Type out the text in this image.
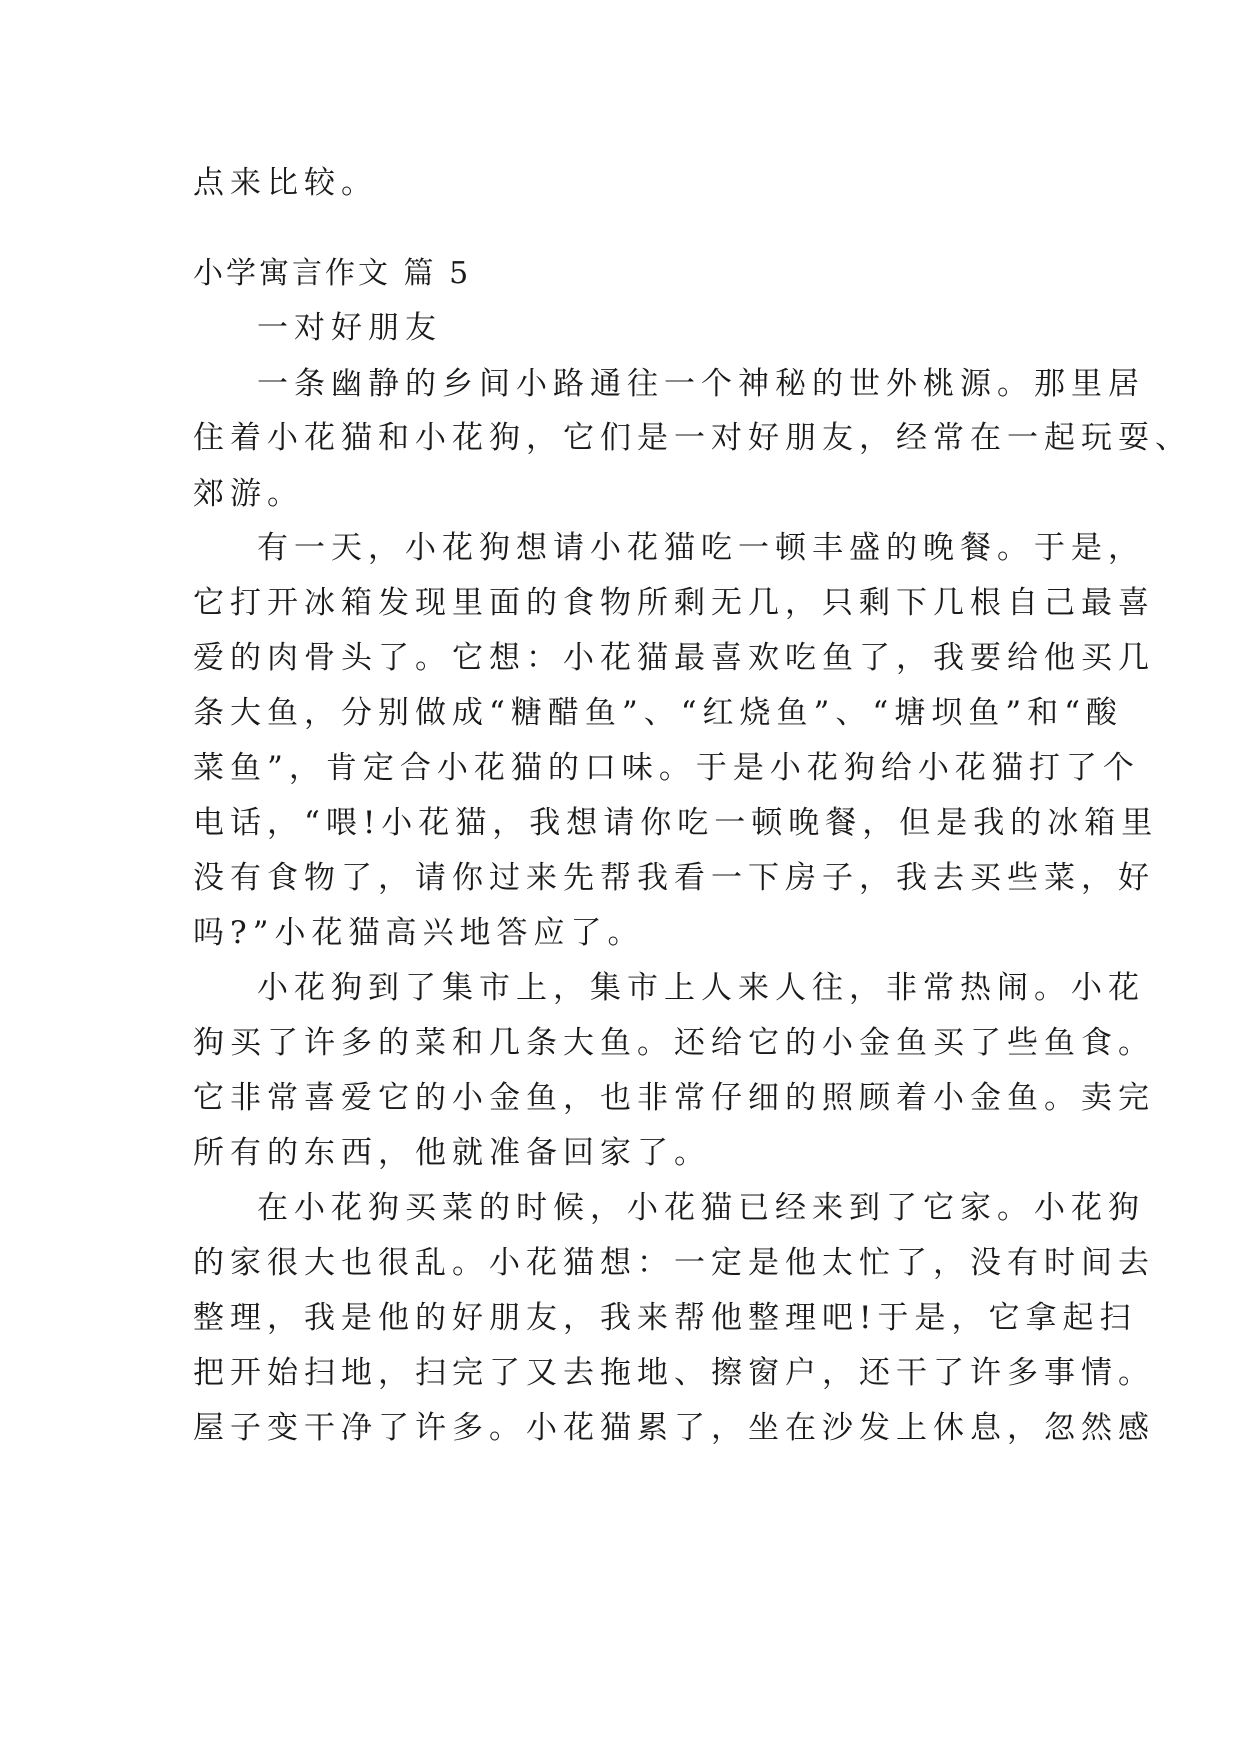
点来比较。
小学寓言作文 篇 5
一对好朋友
一条幽静的乡间小路通往一个神秘的世外桃源。那里居
住着小花猫和小花狗，它们是一对好朋友，经常在一起玩耍、
郊游。
有一天，小花狗想请小花猫吃一顿丰盛的晚餐。于是，
它打开冰箱发现里面的食物所剩无几，只剩下几根自己最喜
爱的肉骨头了。它想：小花猫最喜欢吃鱼了，我要给他买几
条大鱼，分别做成“糖醋鱼”、“红烧鱼”、“塘坝鱼”和“酸
菜鱼”，肯定合小花猫的口味。于是小花狗给小花猫打了个
电话，“喂!小花猫，我想请你吃一顿晚餐，但是我的冰箱里
没有食物了，请你过来先帮我看一下房子，我去买些菜，好
吗?”小花猫高兴地答应了。
小花狗到了集市上，集市上人来人往，非常热闹。小花
狗买了许多的菜和几条大鱼。还给它的小金鱼买了些鱼食。
它非常喜爱它的小金鱼，也非常仔细的照顾着小金鱼。卖完
所有的东西，他就准备回家了。
在小花狗买菜的时候，小花猫已经来到了它家。小花狗
的家很大也很乱。小花猫想：一定是他太忙了，没有时间去
整理，我是他的好朋友，我来帮他整理吧!于是，它拿起扫
把开始扫地，扫完了又去拖地、擦窗户，还干了许多事情。
屋子变干净了许多。小花猫累了，坐在沙发上休息，忽然感
